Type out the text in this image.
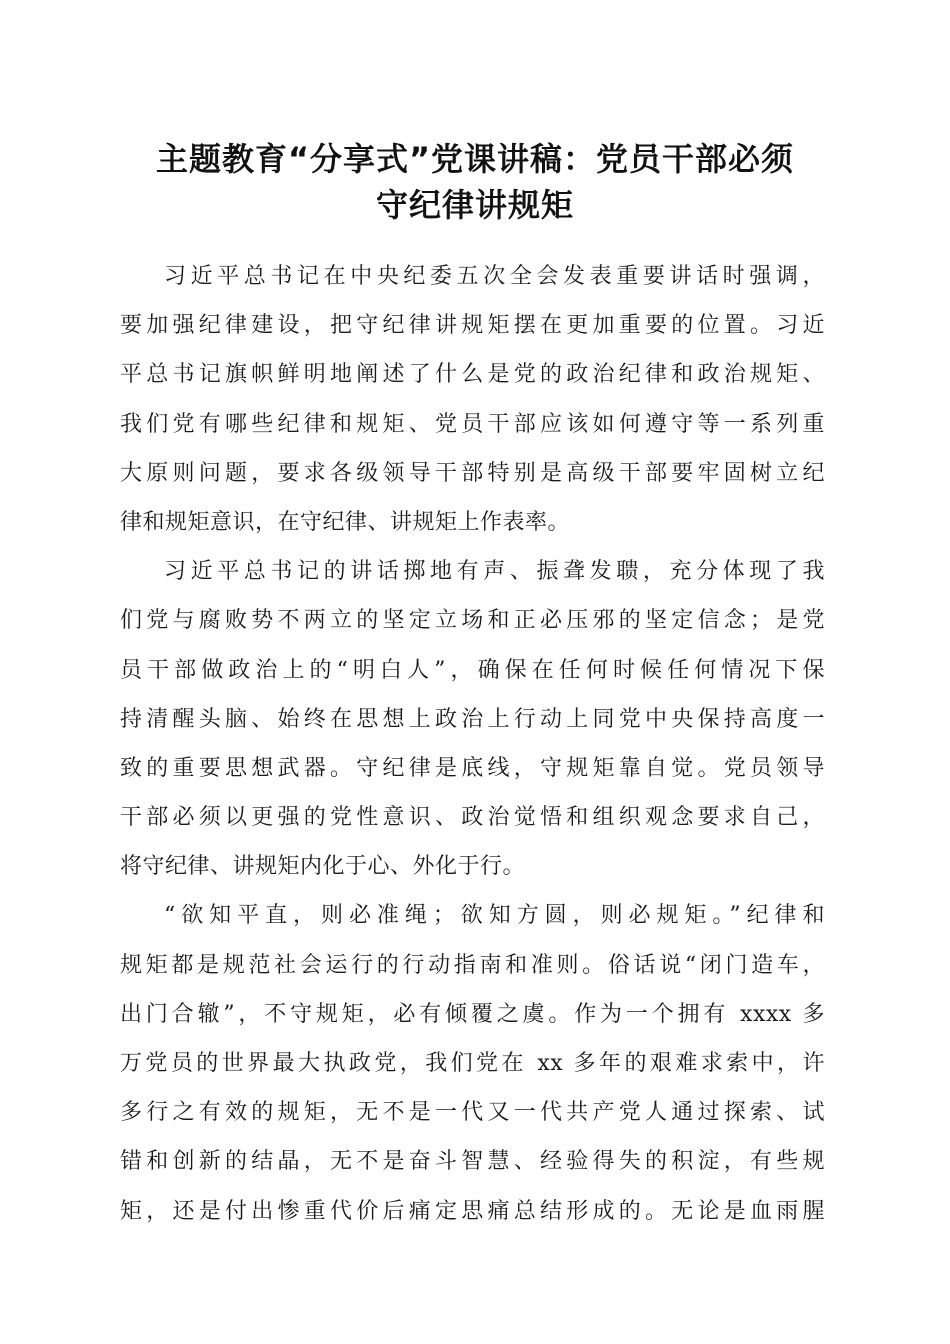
主题教育“分享式”党课讲稿：党员干部必须
守纪律讲规矩
习近平总书记在中央纪委五次全会发表重要讲话时强调，
要加强纪律建设，把守纪律讲规矩摆在更加重要的位置。习近
平总书记旗帜鲜明地阐述了什么是党的政治纪律和政治规矩、
我们党有哪些纪律和规矩、党员干部应该如何遵守等一系列重
大原则问题，要求各级领导干部特别是高级干部要牢固树立纪
律和规矩意识，在守纪律、讲规矩上作表率。
习近平总书记的讲话掷地有声、振聋发聩，充分体现了我
们党与腐败势不两立的坚定立场和正必压邪的坚定信念；是党
员干部做政治上的“明白人”，确保在任何时候任何情况下保
持清醒头脑、始终在思想上政治上行动上同党中央保持高度一
致的重要思想武器。守纪律是底线，守规矩靠自觉。党员领导
干部必须以更强的党性意识、政治觉悟和组织观念要求自己，
将守纪律、讲规矩内化于心、外化于行。
“欲知平直，则必准绳；欲知方圆，则必规矩。”纪律和
规矩都是规范社会运行的行动指南和准则。俗话说“闭门造车，
出门合辙”，不守规矩，必有倾覆之虞。作为一个拥有 xxxx 多
万党员的世界最大执政党，我们党在 xx 多年的艰难求索中，许
多行之有效的规矩，无不是一代又一代共产党人通过探索、试
错和创新的结晶，无不是奋斗智慧、经验得失的积淀，有些规
矩，还是付出惨重代价后痛定思痛总结形成的。无论是血雨腥
